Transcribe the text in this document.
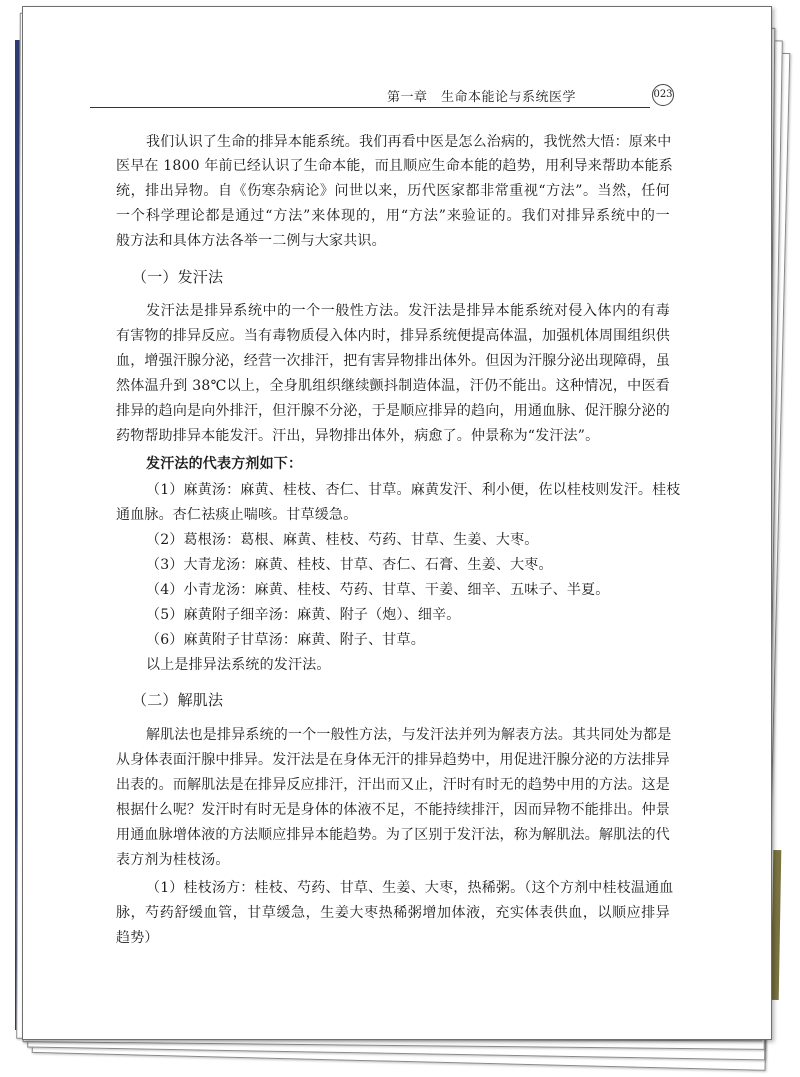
第一章　生命本能论与系统医学	023

我们认识了生命的排异本能系统。我们再看中医是怎么治病的，我恍然大悟：原来中

医早在 1800 年前已经认识了生命本能，而且顺应生命本能的趋势，用利导来帮助本能系

统，排出异物。自《伤寒杂病论》问世以来，历代医家都非常重视“方法”。当然，任何

一个科学理论都是通过“方法”来体现的，用“方法”来验证的。我们对排异系统中的一

般方法和具体方法各举一二例与大家共识。

（一）发汗法

发汗法是排异系统中的一个一般性方法。发汗法是排异本能系统对侵入体内的有毒

有害物的排异反应。当有毒物质侵入体内时，排异系统便提高体温，加强机体周围组织供

血，增强汗腺分泌，经营一次排汗，把有害异物排出体外。但因为汗腺分泌出现障碍，虽

然体温升到 38℃以上，全身肌组织继续颤抖制造体温，汗仍不能出。这种情况，中医看

排异的趋向是向外排汗，但汗腺不分泌，于是顺应排异的趋向，用通血脉、促汗腺分泌的

药物帮助排异本能发汗。汗出，异物排出体外，病愈了。仲景称为“发汗法”。

发汗法的代表方剂如下：

（1）麻黄汤：麻黄、桂枝、杏仁、甘草。麻黄发汗、利小便，佐以桂枝则发汗。桂枝

通血脉。杏仁祛痰止喘咳。甘草缓急。

（2）葛根汤：葛根、麻黄、桂枝、芍药、甘草、生姜、大枣。

（3）大青龙汤：麻黄、桂枝、甘草、杏仁、石膏、生姜、大枣。

（4）小青龙汤：麻黄、桂枝、芍药、甘草、干姜、细辛、五味子、半夏。

（5）麻黄附子细辛汤：麻黄、附子（炮）、细辛。

（6）麻黄附子甘草汤：麻黄、附子、甘草。

以上是排异法系统的发汗法。

（二）解肌法

解肌法也是排异系统的一个一般性方法，与发汗法并列为解表方法。其共同处为都是

从身体表面汗腺中排异。发汗法是在身体无汗的排异趋势中，用促进汗腺分泌的方法排异

出表的。而解肌法是在排异反应排汗，汗出而又止，汗时有时无的趋势中用的方法。这是

根据什么呢？发汗时有时无是身体的体液不足，不能持续排汗，因而异物不能排出。仲景

用通血脉增体液的方法顺应排异本能趋势。为了区别于发汗法，称为解肌法。解肌法的代

表方剂为桂枝汤。

（1）桂枝汤方：桂枝、芍药、甘草、生姜、大枣，热稀粥。（这个方剂中桂枝温通血

脉，芍药舒缓血管，甘草缓急，生姜大枣热稀粥增加体液，充实体表供血，以顺应排异

趋势）
